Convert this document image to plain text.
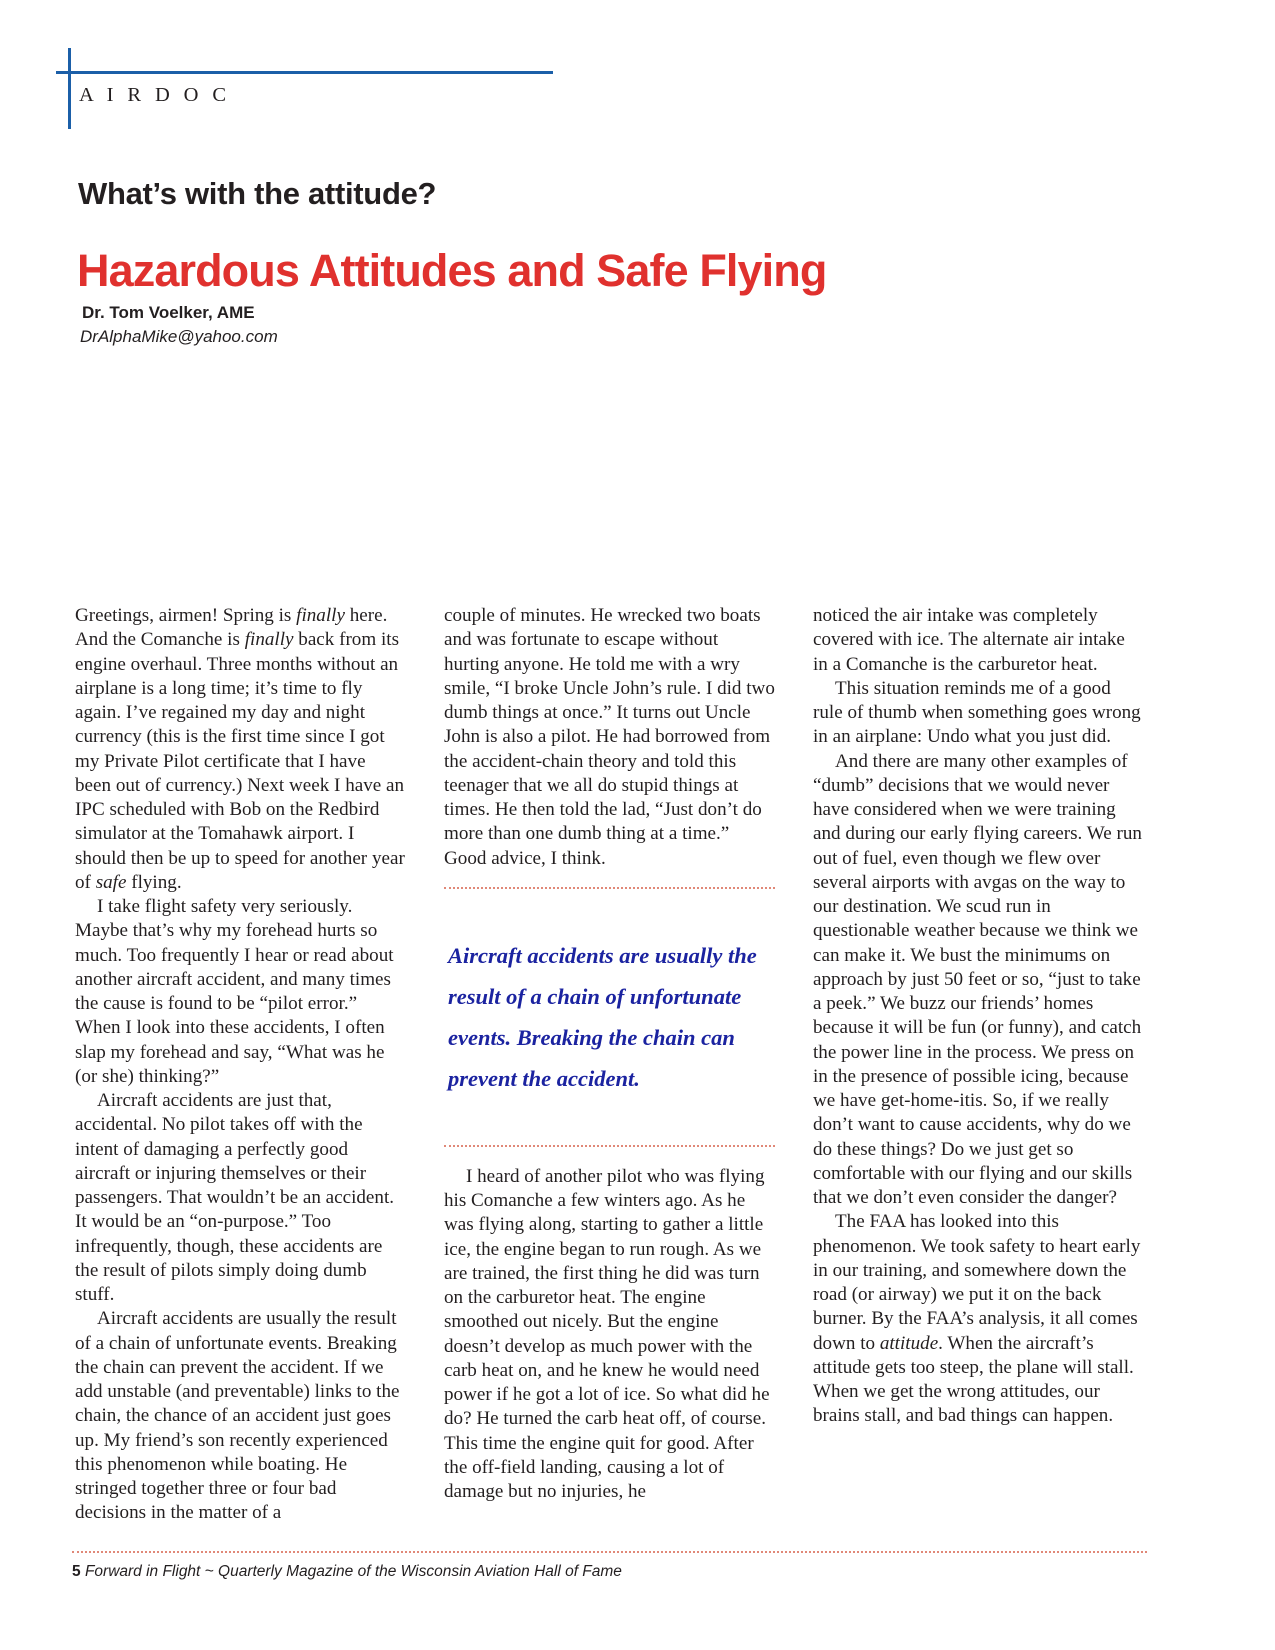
A I R D O C
What’s with the attitude?
Hazardous Attitudes and Safe Flying
Dr. Tom Voelker, AME
DrAlphaMike@yahoo.com

Greetings, airmen! Spring is finally here. And the Comanche is finally back from its engine overhaul. Three months without an airplane is a long time; it’s time to fly again. I’ve regained my day and night currency (this is the first time since I got my Private Pilot certificate that I have been out of currency.) Next week I have an IPC scheduled with Bob on the Redbird simulator at the Tomahawk airport. I should then be up to speed for another year of safe flying.

I take flight safety very seriously. Maybe that’s why my forehead hurts so much. Too frequently I hear or read about another aircraft accident, and many times the cause is found to be “pilot error.” When I look into these accidents, I often slap my forehead and say, “What was he (or she) thinking?”

Aircraft accidents are just that, accidental. No pilot takes off with the intent of damaging a perfectly good aircraft or injuring themselves or their passengers. That wouldn’t be an accident. It would be an “on-purpose.” Too infrequently, though, these accidents are the result of pilots simply doing dumb stuff.

Aircraft accidents are usually the result of a chain of unfortunate events. Breaking the chain can prevent the accident. If we add unstable (and preventable) links to the chain, the chance of an accident just goes up. My friend’s son recently experienced this phenomenon while boating. He stringed together three or four bad decisions in the matter of a

couple of minutes. He wrecked two boats and was fortunate to escape without hurting anyone. He told me with a wry smile, “I broke Uncle John’s rule. I did two dumb things at once.” It turns out Uncle John is also a pilot. He had borrowed from the accident-chain theory and told this teenager that we all do stupid things at times. He then told the lad, “Just don’t do more than one dumb thing at a time.” Good advice, I think.

Aircraft accidents are usually the result of a chain of unfortunate events. Breaking the chain can prevent the accident.

I heard of another pilot who was flying his Comanche a few winters ago. As he was flying along, starting to gather a little ice, the engine began to run rough. As we are trained, the first thing he did was turn on the carburetor heat. The engine smoothed out nicely. But the engine doesn’t develop as much power with the carb heat on, and he knew he would need power if he got a lot of ice. So what did he do? He turned the carb heat off, of course. This time the engine quit for good. After the off-field landing, causing a lot of damage but no injuries, he

noticed the air intake was completely covered with ice. The alternate air intake in a Comanche is the carburetor heat.

This situation reminds me of a good rule of thumb when something goes wrong in an airplane: Undo what you just did.

And there are many other examples of “dumb” decisions that we would never have considered when we were training and during our early flying careers. We run out of fuel, even though we flew over several airports with avgas on the way to our destination. We scud run in questionable weather because we think we can make it. We bust the minimums on approach by just 50 feet or so, “just to take a peek.” We buzz our friends’ homes because it will be fun (or funny), and catch the power line in the process. We press on in the presence of possible icing, because we have get-home-itis. So, if we really don’t want to cause accidents, why do we do these things? Do we just get so comfortable with our flying and our skills that we don’t even consider the danger?

The FAA has looked into this phenomenon. We took safety to heart early in our training, and somewhere down the road (or airway) we put it on the back burner. By the FAA’s analysis, it all comes down to attitude. When the aircraft’s attitude gets too steep, the plane will stall. When we get the wrong attitudes, our brains stall, and bad things can happen.

5 Forward in Flight ~ Quarterly Magazine of the Wisconsin Aviation Hall of Fame
